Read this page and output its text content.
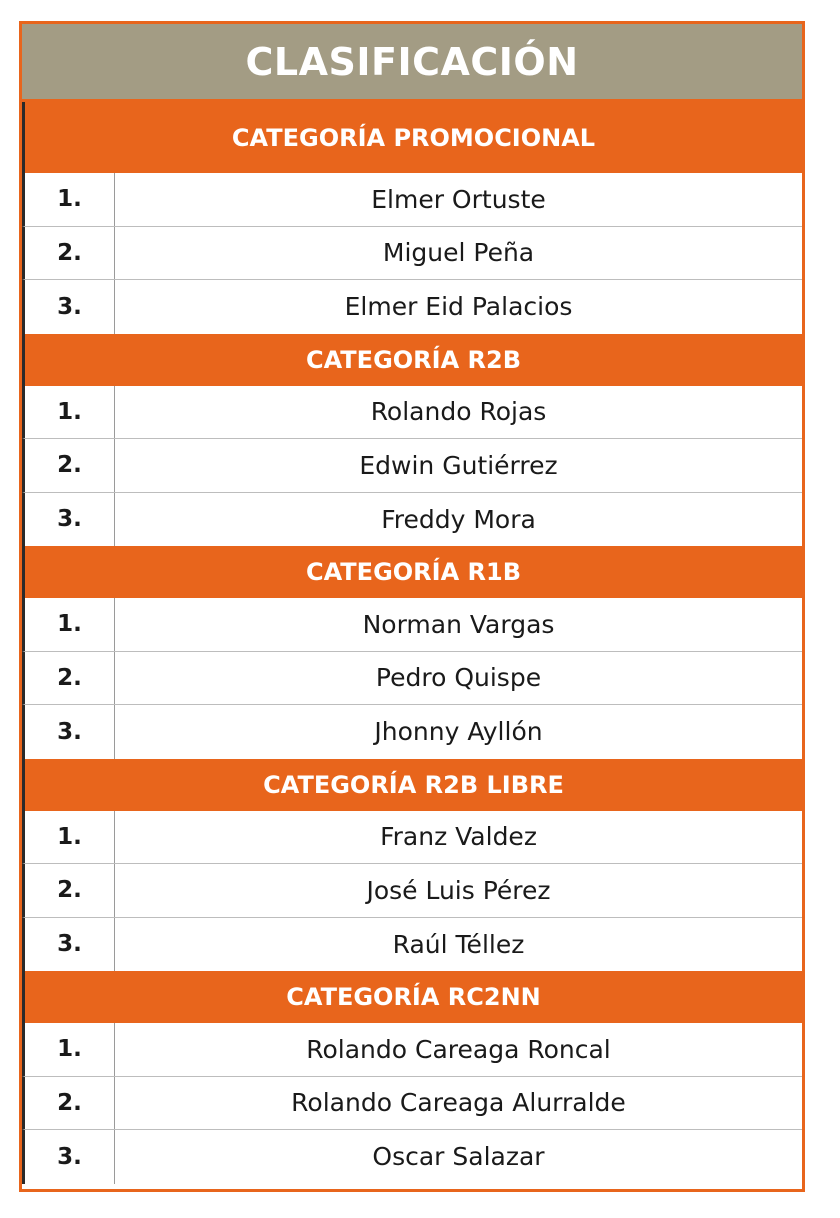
CLASIFICACIÓN
CATEGORÍA PROMOCIONAL
1.	Elmer Ortuste
2.	Miguel Peña
3.	Elmer Eid Palacios
CATEGORÍA R2B
1.	Rolando Rojas
2.	Edwin Gutiérrez
3.	Freddy Mora
CATEGORÍA R1B
1.	Norman Vargas
2.	Pedro Quispe
3.	Jhonny Ayllón
CATEGORÍA R2B LIBRE
1.	Franz Valdez
2.	José Luis Pérez
3.	Raúl Téllez
CATEGORÍA RC2NN
1.	Rolando Careaga Roncal
2.	Rolando Careaga Alurralde
3.	Oscar Salazar
